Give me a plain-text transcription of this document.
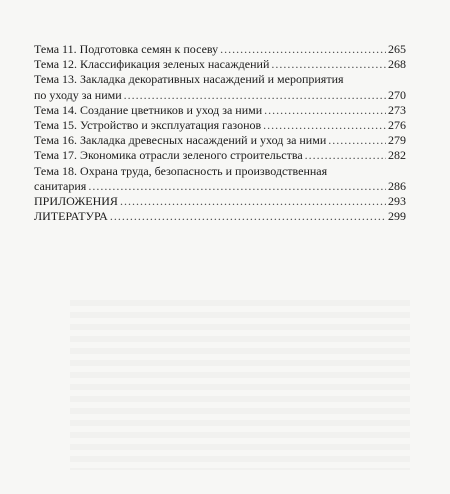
Тема 11. Подготовка семян к посеву .....	265
Тема 12. Классификация зеленых насаждений .....	268
Тема 13. Закладка декоративных насаждений и мероприятия
по уходу за ними .....	270
Тема 14. Создание цветников и уход за ними .....	273
Тема 15. Устройство и эксплуатация газонов .....	276
Тема 16. Закладка древесных насаждений и уход за ними .....	279
Тема 17. Экономика отрасли зеленого строительства .....	282
Тема 18. Охрана труда, безопасность и производственная
санитария .....	286
ПРИЛОЖЕНИЯ .....	293
ЛИТЕРАТУРА .....	299
